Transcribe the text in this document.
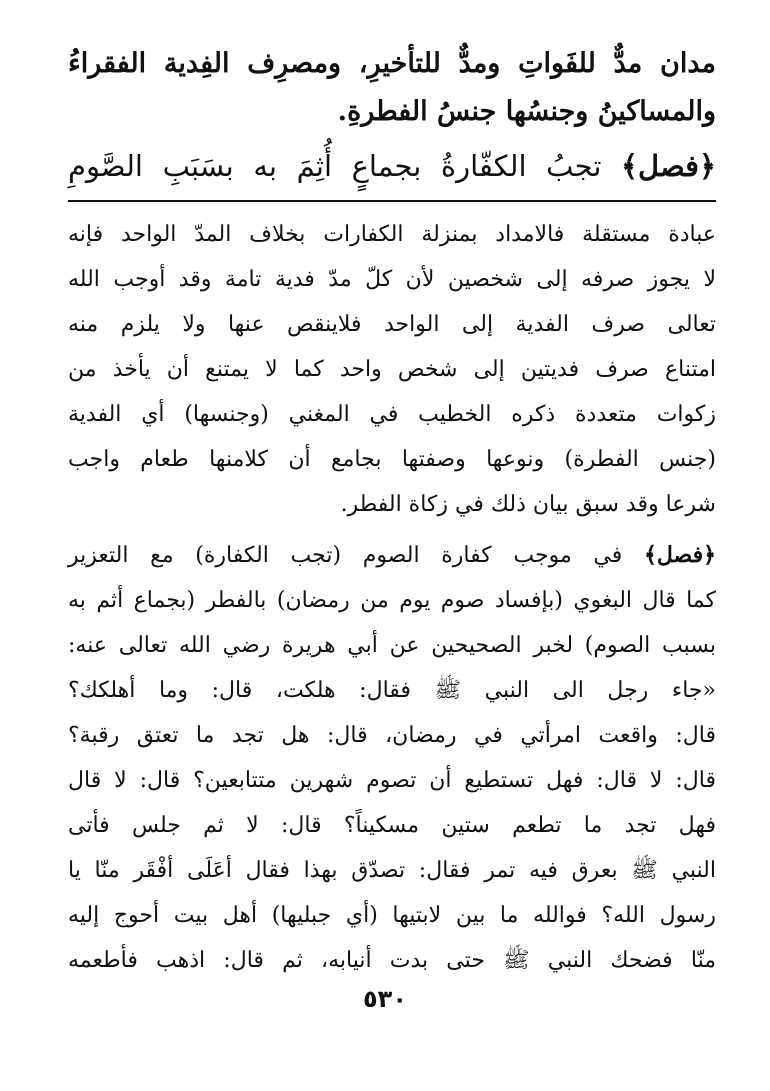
مدان مدٌّ للفَواتِ ومدٌّ للتأخيرِ، ومصرِف الفِدية الفقراءُ
والمساكينُ وجنسُها جنسُ الفطرةِ.
﴿فصل﴾ تجبُ الكفّارةُ بجماعٍ أُثِمَ به بسَبَبِ الصَّومِ
عبادة مستقلة فالامداد بمنزلة الكفارات بخلاف المدّ الواحد فإنه
لا يجوز صرفه إلى شخصين لأن كلّ مدّ فدية تامة وقد أوجب الله
تعالى صرف الفدية إلى الواحد فلاينقص عنها ولا يلزم منه
امتناع صرف فديتين إلى شخص واحد كما لا يمتنع أن يأخذ من
زكوات متعددة ذكره الخطيب في المغني (وجنسها) أي الفدية
(جنس الفطرة) ونوعها وصفتها بجامع أن كلامنها طعام واجب
شرعا وقد سبق بيان ذلك في زكاة الفطر.
﴿فصل﴾ في موجب كفارة الصوم (تجب الكفارة) مع التعزير
كما قال البغوي (بإفساد صوم يوم من رمضان) بالفطر (بجماع أثم به
بسبب الصوم) لخبر الصحيحين عن أبي هريرة رضي الله تعالى عنه:
«جاء رجل الى النبي ﷺ فقال: هلكت، قال: وما أهلكك؟
قال: واقعت امرأتي في رمضان، قال: هل تجد ما تعتق رقبة؟
قال: لا قال: فهل تستطيع أن تصوم شهرين متتابعين؟ قال: لا قال
فهل تجد ما تطعم ستين مسكيناً؟ قال: لا ثم جلس فأتى
النبي ﷺ بعرق فيه تمر فقال: تصدّق بهذا فقال أعَلَى أفْقَر منّا يا
رسول الله؟ فوالله ما بين لابتيها (أي جبليها) أهل بيت أحوج إليه
منّا فضحك النبي ﷺ حتى بدت أنيابه، ثم قال: اذهب فأطعمه
٥٣٠
